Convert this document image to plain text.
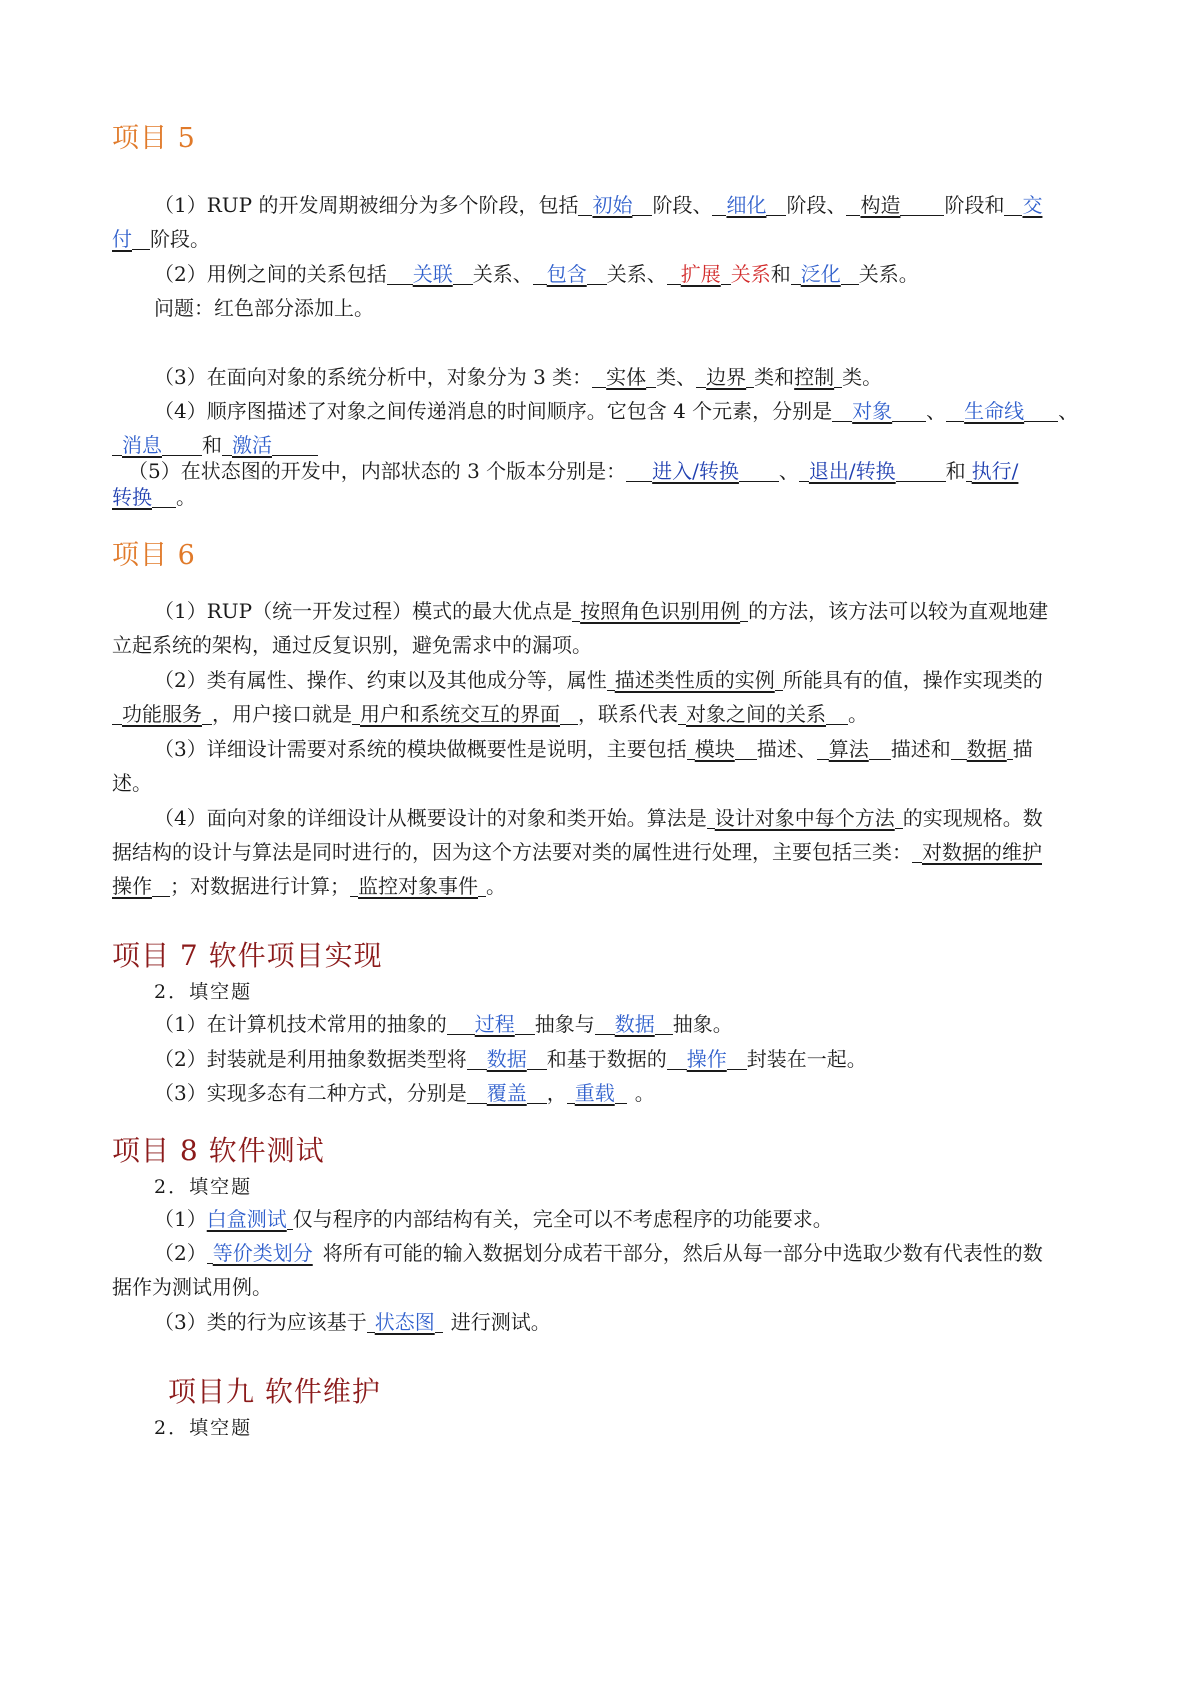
项目 5
（1）RUP 的开发周期被细分为多个阶段，包括 初始 阶段、 细化 阶段、 构造 阶段和 交
付 阶段。
（2）用例之间的关系包括 关联 关系、 包含 关系、 扩展 关系和 泛化 关系。
问题：红色部分添加上。
（3）在面向对象的系统分析中，对象分为 3 类： 实体 类、 边界 类和控制 类。
（4）顺序图描述了对象之间传递消息的时间顺序。它包含 4 个元素，分别是 对象 、 生命线 、
消息 和 激活
（5）在状态图的开发中，内部状态的 3 个版本分别是： 进入/转换 、 退出/转换	和 执行/
转换 。
项目 6
（1）RUP（统一开发过程）模式的最大优点是 按照角色识别用例 的方法，该方法可以较为直观地建
立起系统的架构，通过反复识别，避免需求中的漏项。
（2）类有属性、操作、约束以及其他成分等，属性 描述类性质的实例 所能具有的值，操作实现类的
功能服务 ，用户接口就是 用户和系统交互的界面 ，联系代表 对象之间的关系 。
（3）详细设计需要对系统的模块做概要性是说明，主要包括 模块 描述、 算法 描述和 数据 描
述。
（4）面向对象的详细设计从概要设计的对象和类开始。算法是 设计对象中每个方法 的实现规格。数
据结构的设计与算法是同时进行的，因为这个方法要对类的属性进行处理，主要包括三类： 对数据的维护
操作 ；对数据进行计算； 监控对象事件 。
项目 7 软件项目实现
2．填空题
（1）在计算机技术常用的抽象的 过程 抽象与 数据 抽象。
（2）封装就是利用抽象数据类型将 数据 和基于数据的 操作 封装在一起。
（3）实现多态有二种方式，分别是 覆盖 ， 重载 。
项目 8 软件测试
2．填空题
（1）白盒测试 仅与程序的内部结构有关，完全可以不考虑程序的功能要求。
（2） 等价类划分 将所有可能的输入数据划分成若干部分，然后从每一部分中选取少数有代表性的数
据作为测试用例。
（3）类的行为应该基于 状态图 进行测试。
项目九 软件维护
2．填空题
